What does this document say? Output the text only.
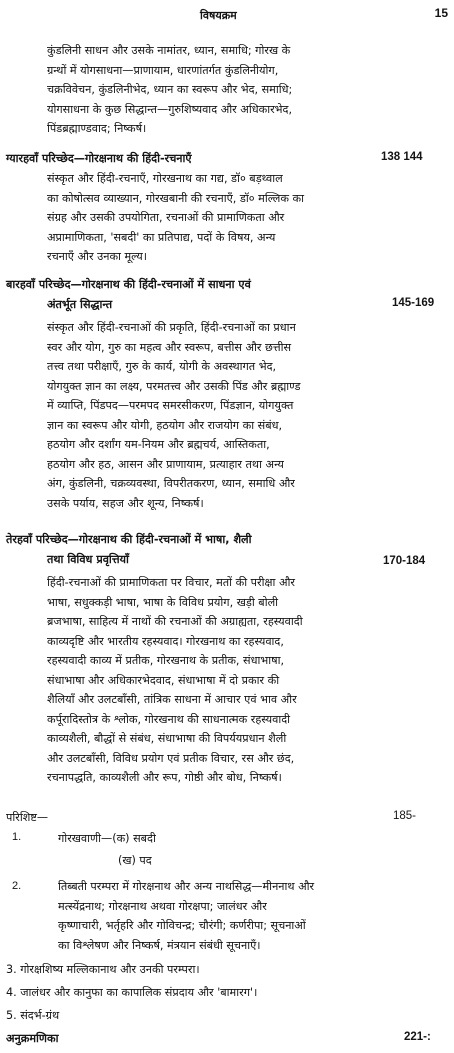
विषयक्रम	15
कुंडलिनी साधन और उसके नामांतर, ध्यान, समाधि; गोरख के
ग्रन्थों में योगसाधना—प्राणायाम, धारणांतर्गत कुंडलिनीयोग,
चक्रविवेचन, कुंडलिनीभेद, ध्यान का स्वरूप और भेद, समाधि;
योगसाधना के कुछ सिद्धान्त—गुरुशिष्यवाद और अधिकारभेद,
पिंडब्रह्माण्डवाद; निष्कर्ष।
ग्यारहवाँ परिच्छेद—गोरक्षनाथ की हिंदी-रचनाएँ	138 144
संस्कृत और हिंदी-रचनाएँ, गोरखनाथ का गद्य, डॉ० बड़थ्वाल
का कोषोत्सव व्याख्यान, गोरखबानी की रचनाएँ, डॉ० मल्लिक का
संग्रह और उसकी उपयोगिता, रचनाओं की प्रामाणिकता और
अप्रामाणिकता, 'सबदी' का प्रतिपाद्य, पदों के विषय, अन्य
रचनाएँ और उनका मूल्य।
बारहवाँ परिच्छेद—गोरक्षनाथ की हिंदी-रचनाओं में साधना एवं
अंतर्भूत सिद्धान्त	145-169
संस्कृत और हिंदी-रचनाओं की प्रकृति, हिंदी-रचनाओं का प्रधान
स्वर और योग, गुरु का महत्व और स्वरूप, बत्तीस और छत्तीस
तत्त्व तथा परीक्षाएँ, गुरु के कार्य, योगी के अवस्थागत भेद,
योगयुक्त ज्ञान का लक्ष्य, परमतत्त्व और उसकी पिंड और ब्रह्माण्ड
में व्याप्ति, पिंडपद—परमपद समरसीकरण, पिंडज्ञान, योगयुक्त
ज्ञान का स्वरूप और योगी, हठयोग और राजयोग का संबंध,
हठयोग और दर्शांग यम-नियम और ब्रह्मचर्य, आस्तिकता,
हठयोग और हठ, आसन और प्राणायाम, प्रत्याहार तथा अन्य
अंग, कुंडलिनी, चक्रव्यवस्था, विपरीतकरण, ध्यान, समाधि और
उसके पर्याय, सहज और शून्य, निष्कर्ष।
तेरहवाँ परिच्छेद—गोरक्षनाथ की हिंदी-रचनाओं में भाषा, शैली
तथा विविध प्रवृत्तियाँ	170-184
हिंदी-रचनाओं की प्रामाणिकता पर विचार, मतों की परीक्षा और
भाषा, सधुक्कड़ी भाषा, भाषा के विविध प्रयोग, खड़ी बोली
ब्रजभाषा, साहित्य में नाथों की रचनाओं की अग्राह्यता, रहस्यवादी
काव्यदृष्टि और भारतीय रहस्यवाद। गोरखनाथ का रहस्यवाद,
रहस्यवादी काव्य में प्रतीक, गोरखनाथ के प्रतीक, संधाभाषा,
संधाभाषा और अधिकारभेदवाद, संधाभाषा में दो प्रकार की
शैलियाँ और उलटबाँसी, तांत्रिक साधना में आचार एवं भाव और
कर्पूरादिस्तोत्र के श्लोक, गोरखनाथ की साधनात्मक रहस्यवादी
काव्यशैली, बौद्धों से संबंध, संधाभाषा की विपर्ययप्रधान शैली
और उलटबाँसी, विविध प्रयोग एवं प्रतीक विचार, रस और छंद,
रचनापद्धति, काव्यशैली और रूप, गोष्ठी और बोध, निष्कर्ष।
परिशिष्ट—	185-
1.	गोरखवाणी—(क) सबदी
(ख) पद
2.	तिब्बती परम्परा में गोरक्षनाथ और अन्य नाथसिद्ध—मीननाथ और
मत्स्येंद्रनाथ; गोरक्षनाथ अथवा गोरक्षपा; जालंधर और
कृष्णाचारी, भर्तृहरि और गोविचन्द्र; चौरंगी; कर्णरीपा; सूचनाओं
का विश्लेषण और निष्कर्ष, मंत्रयान संबंधी सूचनाएँ।
3. गोरक्षशिष्य मल्लिकानाथ और उनकी परम्परा।
4. जालंधर और कानुफा का कापालिक संप्रदाय और 'बामारग'।
5. संदर्भ-ग्रंथ
अनुक्रमणिका	221-:
